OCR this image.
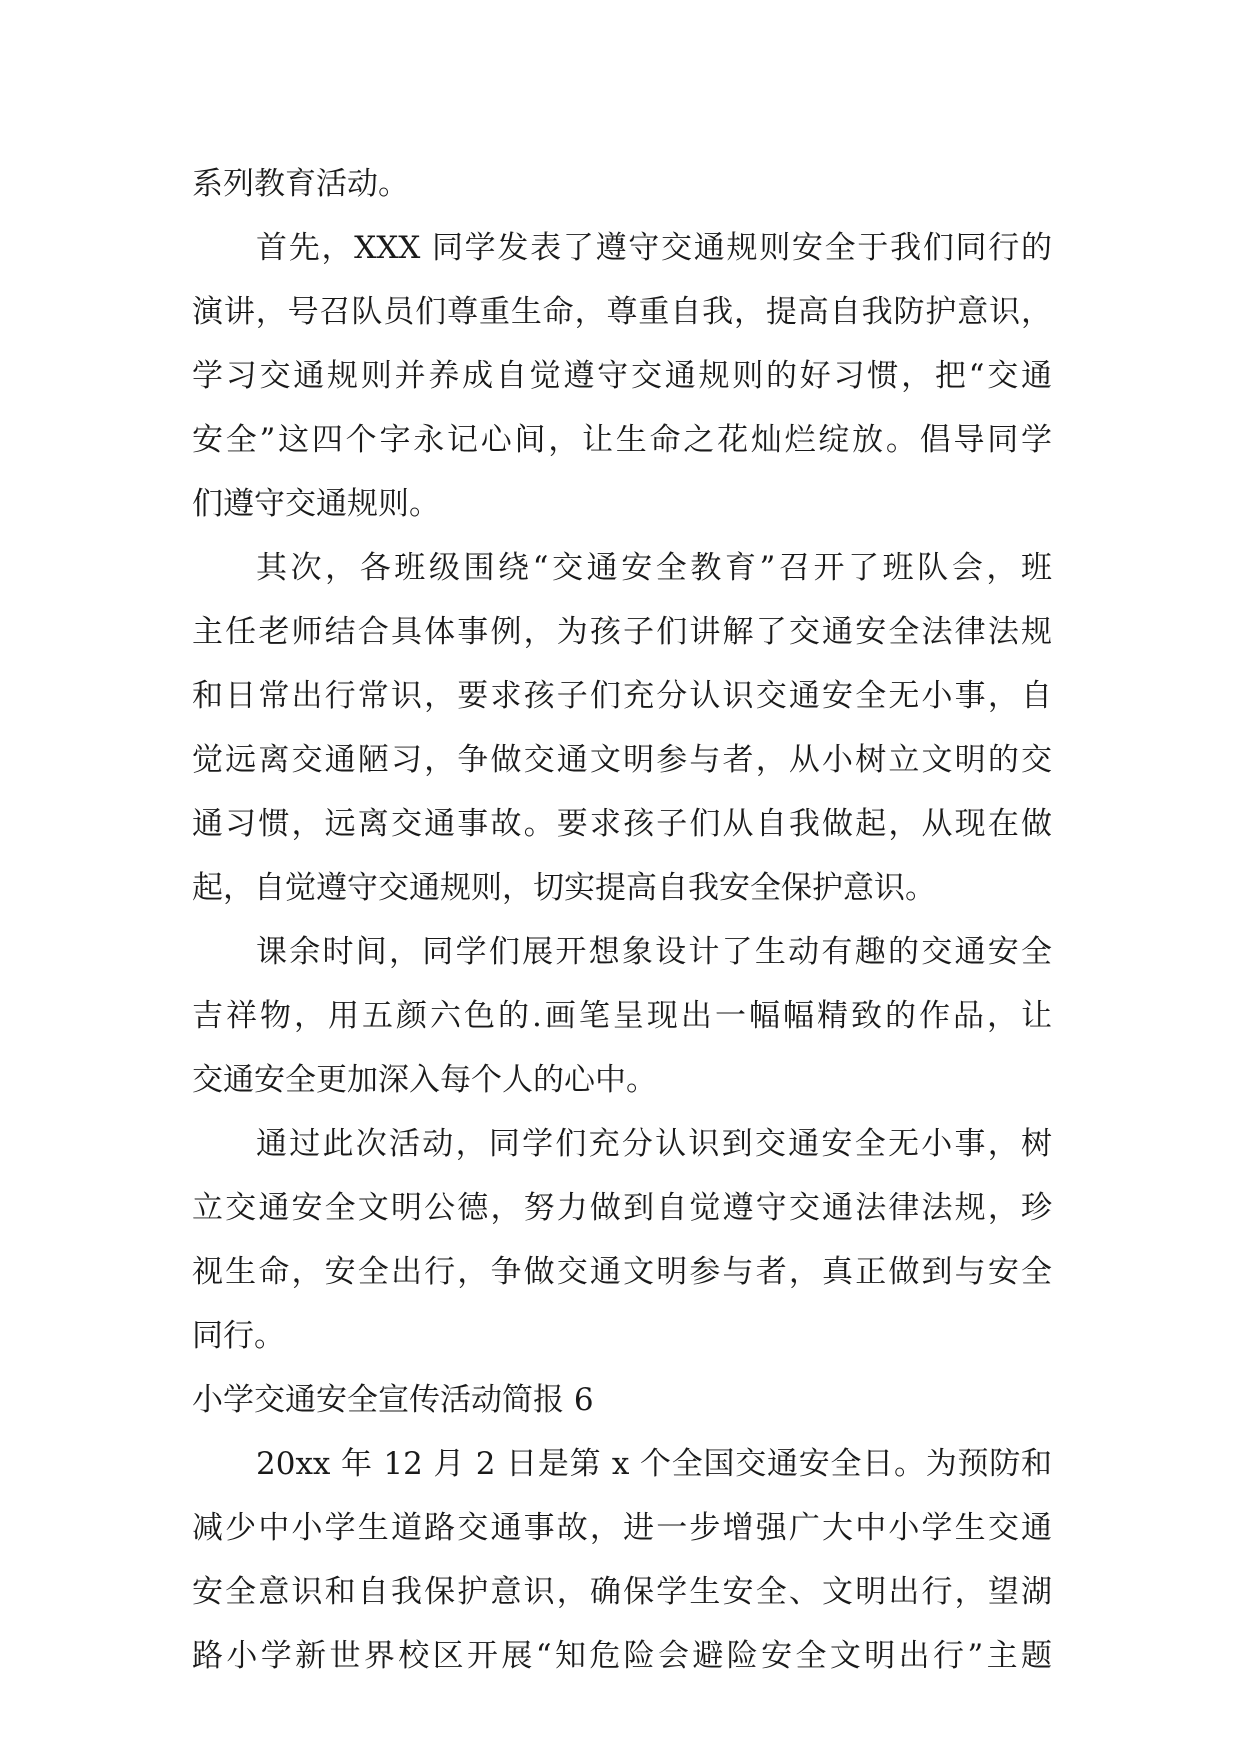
系列教育活动。
首先，XXX 同学发表了遵守交通规则安全于我们同行的
演讲，号召队员们尊重生命，尊重自我，提高自我防护意识，
学习交通规则并养成自觉遵守交通规则的好习惯，把“交通
安全”这四个字永记心间，让生命之花灿烂绽放。倡导同学
们遵守交通规则。
其次，各班级围绕“交通安全教育”召开了班队会，班
主任老师结合具体事例，为孩子们讲解了交通安全法律法规
和日常出行常识，要求孩子们充分认识交通安全无小事，自
觉远离交通陋习，争做交通文明参与者，从小树立文明的交
通习惯，远离交通事故。要求孩子们从自我做起，从现在做
起，自觉遵守交通规则，切实提高自我安全保护意识。
课余时间，同学们展开想象设计了生动有趣的交通安全
吉祥物，用五颜六色的.画笔呈现出一幅幅精致的作品，让
交通安全更加深入每个人的心中。
通过此次活动，同学们充分认识到交通安全无小事，树
立交通安全文明公德，努力做到自觉遵守交通法律法规，珍
视生命，安全出行，争做交通文明参与者，真正做到与安全
同行。
小学交通安全宣传活动简报 6
20xx 年 12 月 2 日是第 x 个全国交通安全日。为预防和
减少中小学生道路交通事故，进一步增强广大中小学生交通
安全意识和自我保护意识，确保学生安全、文明出行，望湖
路小学新世界校区开展“知危险会避险安全文明出行”主题
